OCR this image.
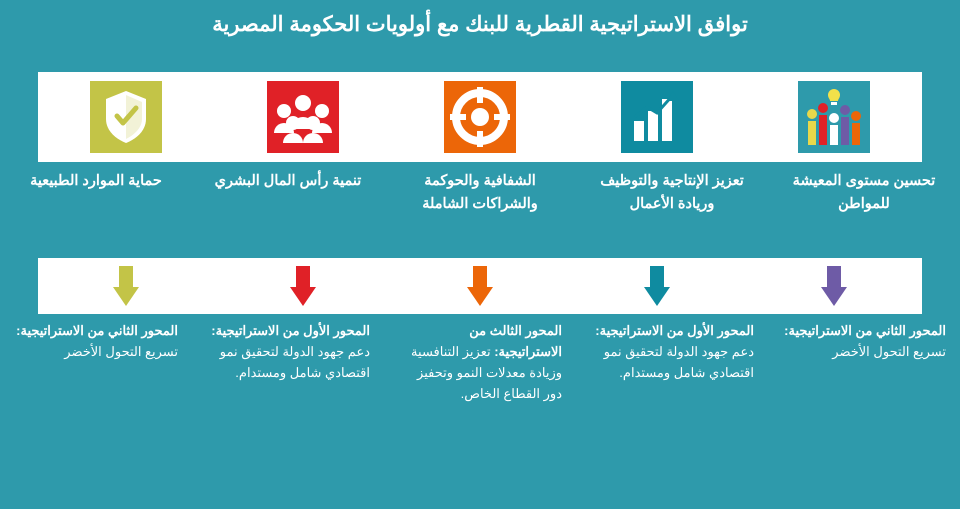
توافق الاستراتيجية القطرية للبنك مع أولويات الحكومة المصرية
تحسين مستوى المعيشة للمواطن
تعزيز الإنتاجية والتوظيف وريادة الأعمال
الشفافية والحوكمة والشراكات الشاملة
تنمية رأس المال البشري
حماية الموارد الطبيعية
المحور الثاني من الاستراتيجية: تسريع التحول الأخضر
المحور الأول من الاستراتيجية: دعم جهود الدولة لتحقيق نمو اقتصادي شامل ومستدام.
المحور الثالث من الاستراتيجية: تعزيز التنافسية وزيادة معدلات النمو وتحفيز دور القطاع الخاص.
المحور الأول من الاستراتيجية: دعم جهود الدولة لتحقيق نمو اقتصادي شامل ومستدام.
المحور الثاني من الاستراتيجية: تسريع التحول الأخضر
